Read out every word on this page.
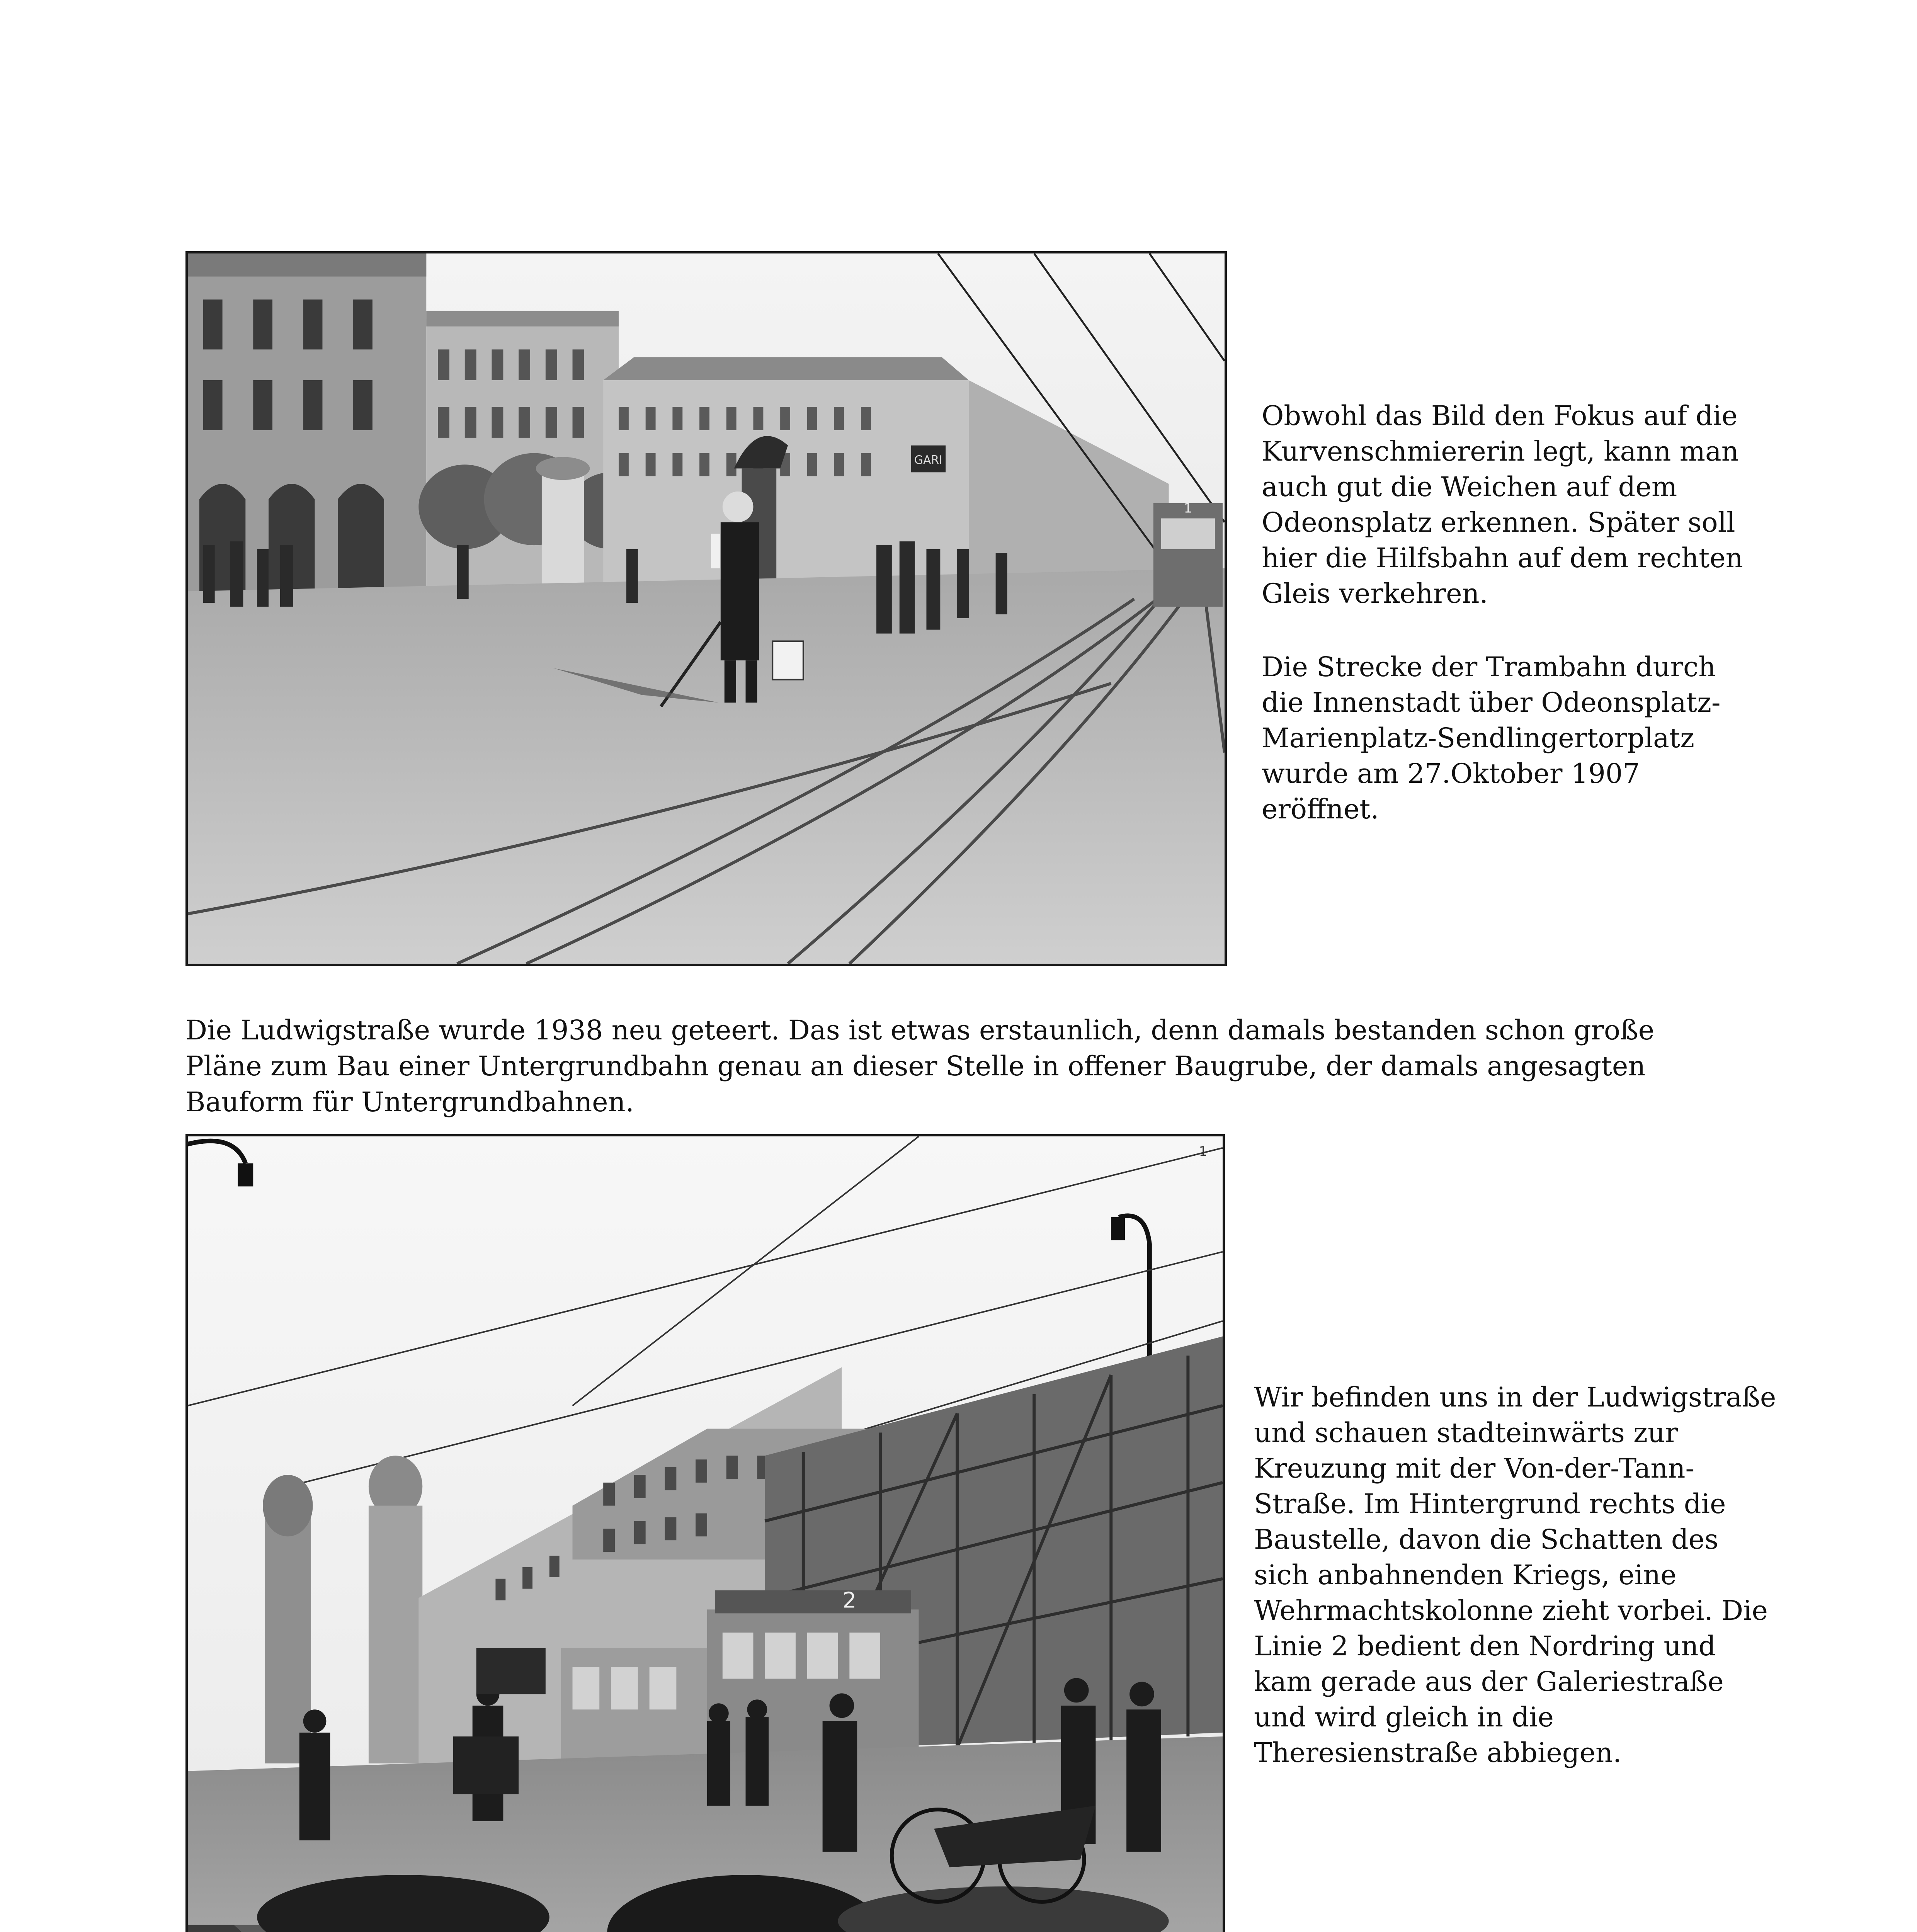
GARI
1

Obwohl das Bild den Fokus auf die Kurvenschmiererin legt, kann man auch gut die Weichen auf dem Odeonsplatz erkennen. Später soll hier die Hilfsbahn auf dem rechten Gleis verkehren.

Die Strecke der Trambahn durch die Innenstadt über Odeonsplatz-Marienplatz-Sendlingertorplatz wurde am 27.Oktober 1907 eröffnet.

Die Ludwigstraße wurde 1938 neu geteert. Das ist etwas erstaunlich, denn damals bestanden schon große Pläne zum Bau einer Untergrundbahn genau an dieser Stelle in offener Baugrube, der damals angesagten Bauform für Untergrundbahnen.

1
2

Wir befinden uns in der Ludwigstraße und schauen stadteinwärts zur Kreuzung mit der Von-der-Tann-Straße. Im Hintergrund rechts die Baustelle, davon die Schatten des sich anbahnenden Kriegs, eine Wehrmachtskolonne zieht vorbei. Die Linie 2 bedient den Nordring und kam gerade aus der Galeriestraße und wird gleich in die Theresienstraße abbiegen.
